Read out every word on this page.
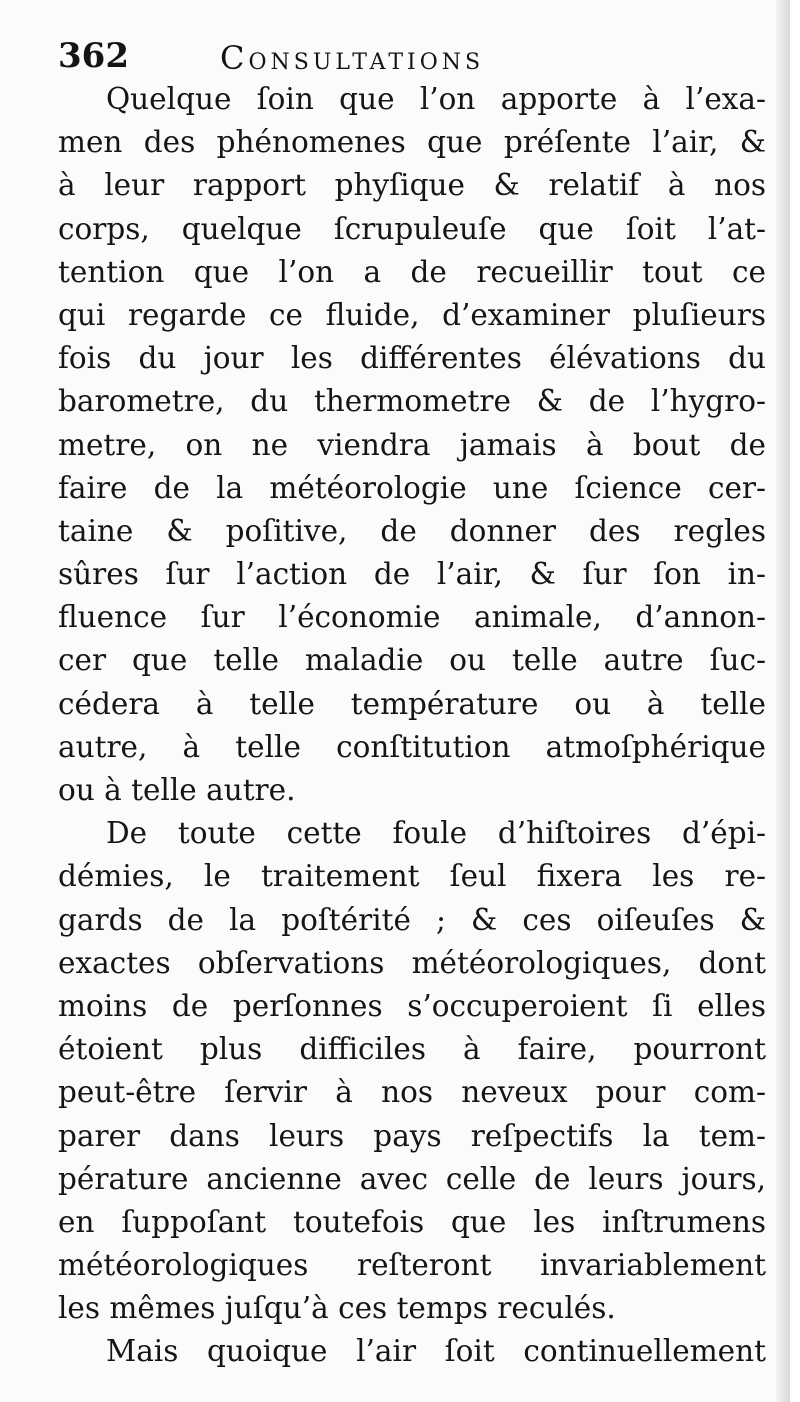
362	Consultations
Quelque ſoin que l’on apporte à l’exa-
men des phénomenes que préſente l’air, &
à leur rapport phyſique & relatif à nos
corps, quelque ſcrupuleuſe que ſoit l’at-
tention que l’on a de recueillir tout ce
qui regarde ce fluide, d’examiner pluſieurs
fois du jour les différentes élévations du
barometre, du thermometre & de l’hygro-
metre, on ne viendra jamais à bout de
faire de la météorologie une ſcience cer-
taine & poſitive, de donner des regles
sûres ſur l’action de l’air, & ſur ſon in-
fluence ſur l’économie animale, d’annon-
cer que telle maladie ou telle autre ſuc-
cédera à telle température ou à telle
autre, à telle conſtitution atmoſphérique
ou à telle autre.
De toute cette foule d’hiſtoires d’épi-
démies, le traitement ſeul fixera les re-
gards de la poſtérité ; & ces oiſeuſes &
exactes obſervations météorologiques, dont
moins de perſonnes s’occuperoient ſi elles
étoient plus difficiles à faire, pourront
peut-être ſervir à nos neveux pour com-
parer dans leurs pays reſpectifs la tem-
pérature ancienne avec celle de leurs jours,
en ſuppoſant toutefois que les inſtrumens
météorologiques reſteront invariablement
les mêmes juſqu’à ces temps reculés.
Mais quoique l’air ſoit continuellement
